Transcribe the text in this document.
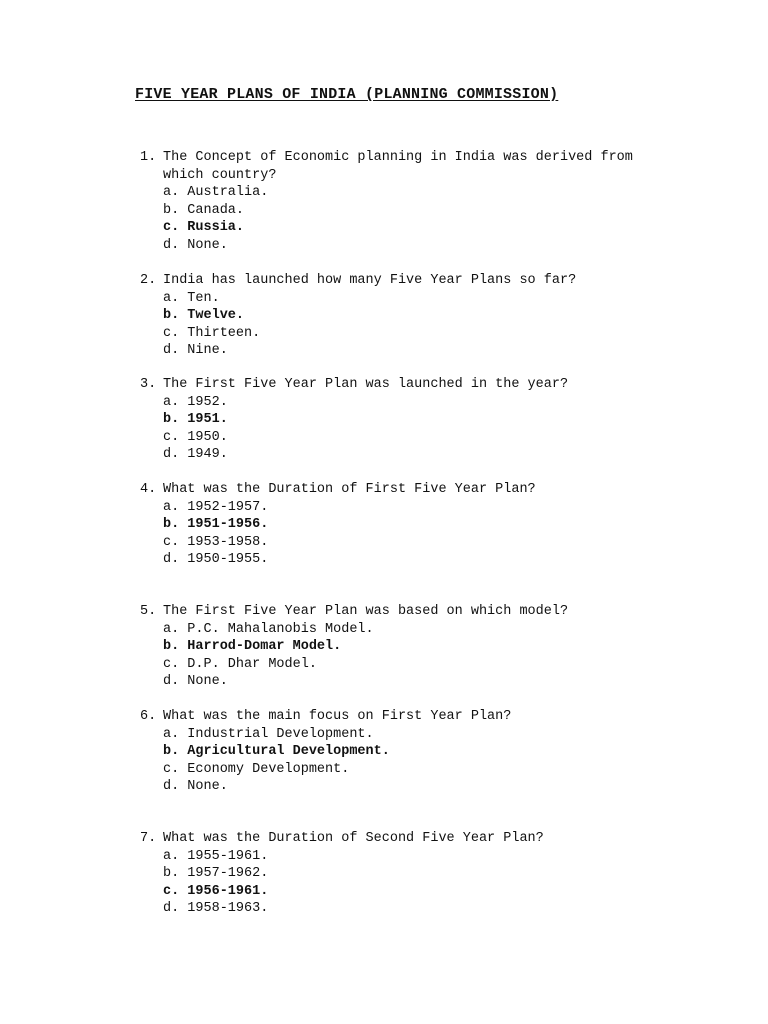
FIVE YEAR PLANS OF INDIA (PLANNING COMMISSION)
1. The Concept of Economic planning in India was derived from
which country?
a. Australia.
b. Canada.
c. Russia.
d. None.
2. India has launched how many Five Year Plans so far?
a. Ten.
b. Twelve.
c. Thirteen.
d. Nine.
3. The First Five Year Plan was launched in the year?
a. 1952.
b. 1951.
c. 1950.
d. 1949.
4. What was the Duration of First Five Year Plan?
a. 1952-1957.
b. 1951-1956.
c. 1953-1958.
d. 1950-1955.
5. The First Five Year Plan was based on which model?
a. P.C. Mahalanobis Model.
b. Harrod-Domar Model.
c. D.P. Dhar Model.
d. None.
6. What was the main focus on First Year Plan?
a. Industrial Development.
b. Agricultural Development.
c. Economy Development.
d. None.
7. What was the Duration of Second Five Year Plan?
a. 1955-1961.
b. 1957-1962.
c. 1956-1961.
d. 1958-1963.
